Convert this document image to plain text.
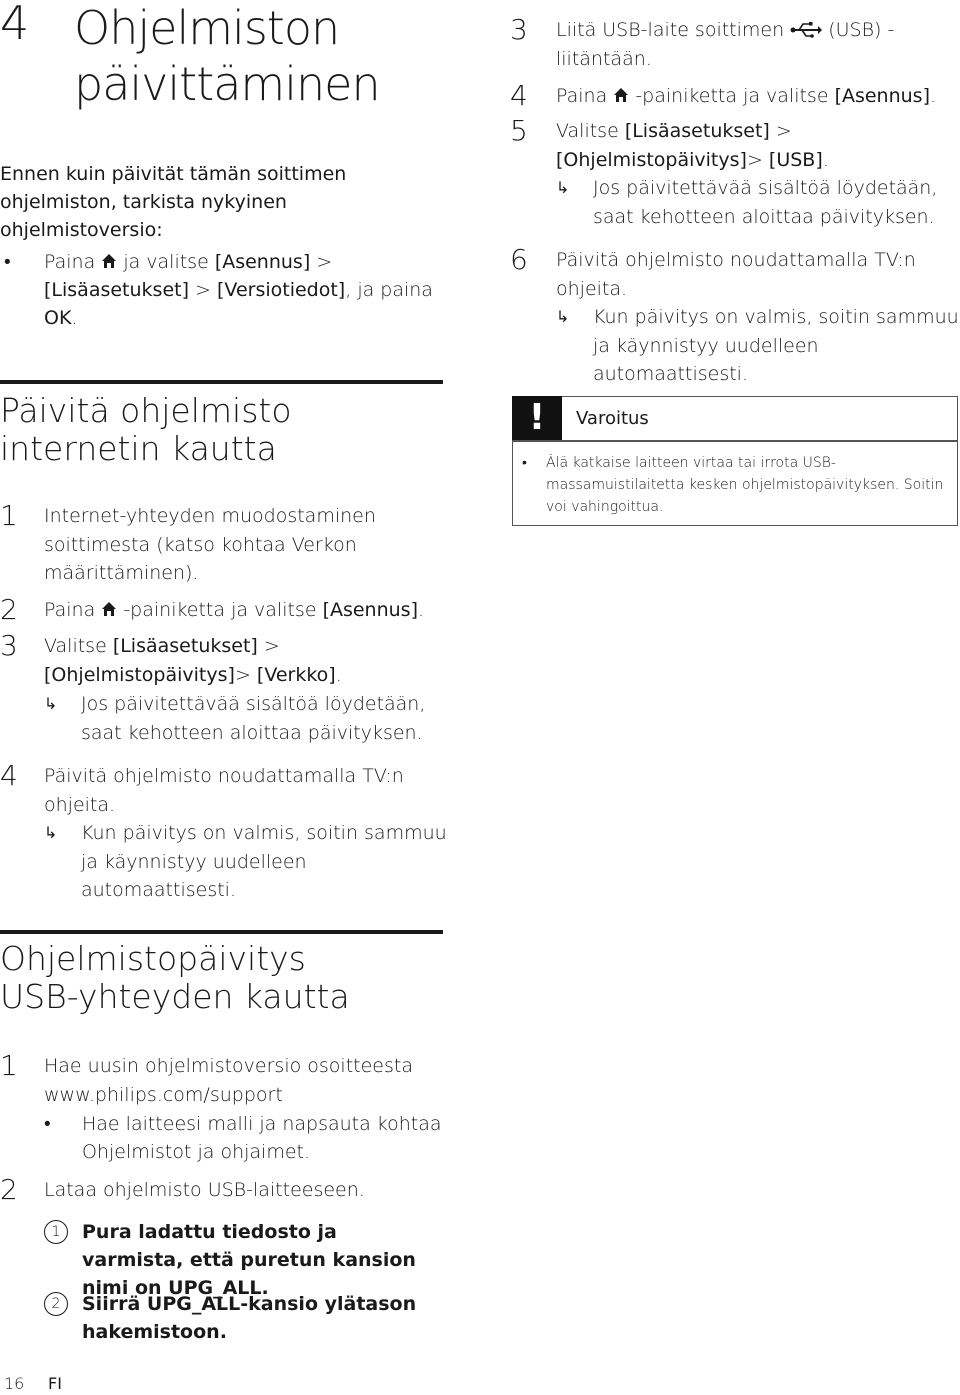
4 Ohjelmiston päivittäminen
Ennen kuin päivität tämän soittimen ohjelmiston, tarkista nykyinen ohjelmistoversio:
• Paina ja valitse [Asennus] > [Lisäasetukset] > [Versiotiedot], ja paina OK.
Päivitä ohjelmisto internetin kautta
1 Internet-yhteyden muodostaminen soittimesta (katso kohtaa Verkon määrittäminen).
2 Paina -painiketta ja valitse [Asennus].
3 Valitse [Lisäasetukset] > [Ohjelmistopäivitys]> [Verkko].
↳ Jos päivitettävää sisältöä löydetään, saat kehotteen aloittaa päivityksen.
4 Päivitä ohjelmisto noudattamalla TV:n ohjeita.
↳ Kun päivitys on valmis, soitin sammuu ja käynnistyy uudelleen automaattisesti.
Ohjelmistopäivitys USB-yhteyden kautta
1 Hae uusin ohjelmistoversio osoitteesta www.philips.com/support
• Hae laitteesi malli ja napsauta kohtaa Ohjelmistot ja ohjaimet.
2 Lataa ohjelmisto USB-laitteeseen.
1	Pura ladattu tiedosto ja varmista, että puretun kansion nimi on UPG_ALL.
2	Siirrä UPG_ALL-kansio ylätason hakemistoon.
3 Liitä USB-laite soittimen (USB) -liitäntään.
4 Paina -painiketta ja valitse [Asennus].
5 Valitse [Lisäasetukset] > [Ohjelmistopäivitys]> [USB].
↳ Jos päivitettävää sisältöä löydetään, saat kehotteen aloittaa päivityksen.
6 Päivitä ohjelmisto noudattamalla TV:n ohjeita.
↳ Kun päivitys on valmis, soitin sammuu ja käynnistyy uudelleen automaattisesti.
!	Varoitus
• Älä katkaise laitteen virtaa tai irrota USB-massamuistilaitetta kesken ohjelmistopäivityksen. Soitin voi vahingoittua.
16 FI
